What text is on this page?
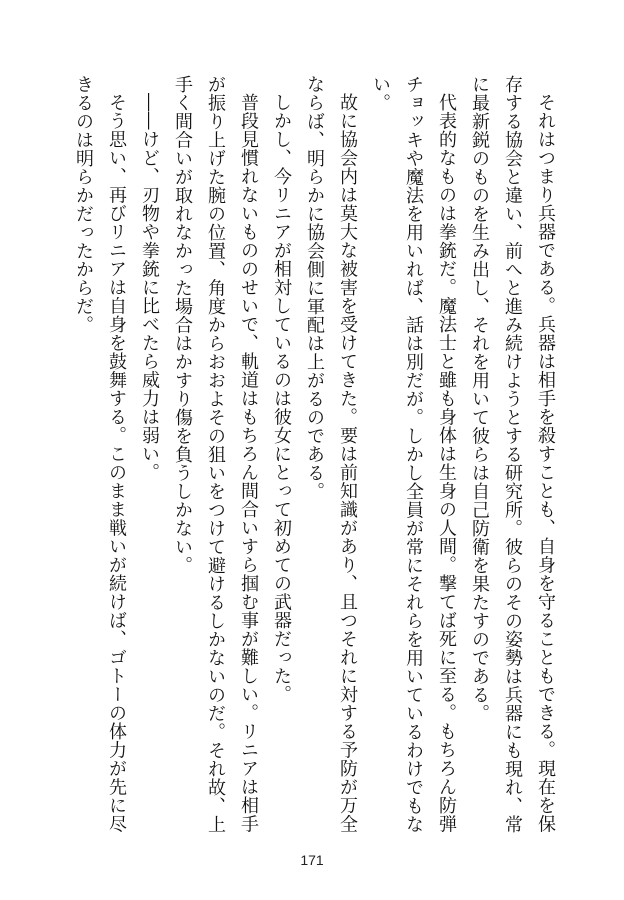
それはつまり兵器である。兵器は相手を殺すことも、自身を守ることもできる。現在を保存する協会と違い、前へと進み続けようとする研究所。彼らのその姿勢は兵器にも現れ、常に最新鋭のものを生み出し、それを用いて彼らは自己防衛を果たすのである。

代表的なものは拳銃だ。魔法士と雖も身体は生身の人間。撃てば死に至る。もちろん防弾チョッキや魔法を用いれば、話は別だが。しかし全員が常にそれらを用いているわけでもない。

故に協会内は莫大な被害を受けてきた。要は前知識があり、且つそれに対する予防が万全ならば、明らかに協会側に軍配は上がるのである。

しかし、今リニアが相対しているのは彼女にとって初めての武器だった。

普段見慣れないもののせいで、軌道はもちろん間合いすら掴む事が難しい。リニアは相手が振り上げた腕の位置、角度からおおよその狙いをつけて避けるしかないのだ。それ故、上手く間合いが取れなかった場合はかすり傷を負うしかない。

――けど、刃物や拳銃に比べたら威力は弱い。

そう思い、再びリニアは自身を鼓舞する。このまま戦いが続けば、ゴトーの体力が先に尽きるのは明らかだったからだ。

171
